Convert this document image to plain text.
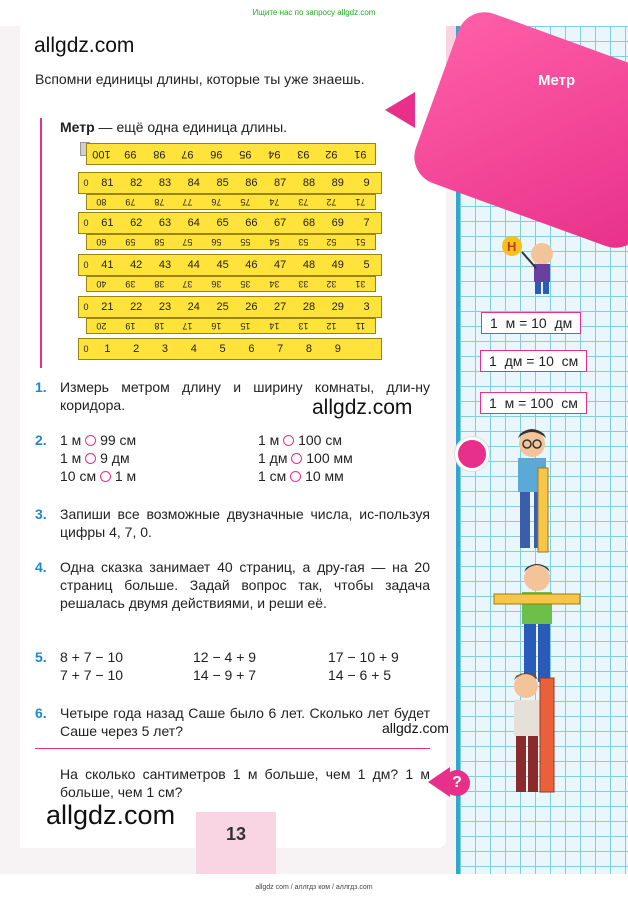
Ищите нас по запросу allgdz.com
Метр
allgdz.com
allgdz.com
allgdz.com
allgdz.com
Вспомни единицы длины, которые ты уже знаешь.
Метр — ещё одна единица длины.
100	99	98	97	96	95	94	93	92	91
0	81	82	83	84	85	86	87	88	89	9
80	79	78	77	76	75	74	73	72	71
0	61	62	63	64	65	66	67	68	69	7
60	59	58	57	56	55	54	53	52	51
0	41	42	43	44	45	46	47	48	49	5
40	39	38	37	36	35	34	33	32	31
0	21	22	23	24	25	26	27	28	29	3
20	19	18	17	16	15	14	13	12	11
0	1	2	3	4	5	6	7	8	9
1. Измерь метром длину и ширину комнаты, дли-ну коридора.
2. 1 м 99 см	1 м 100 см
1 м 9 дм	1 дм 100 мм
10 см 1 м	1 см 10 мм
3. Запиши все возможные двузначные числа, ис-пользуя цифры 4, 7, 0.
4. Одна сказка занимает 40 страниц, а дру-гая — на 20 страниц больше. Задай вопрос так, чтобы задача решалась двумя действиями, и реши её.
5. 8 + 7 − 10	12 − 4 + 9	17 − 10 + 9
7 + 7 − 10	14 − 9 + 7	14 − 6 + 5
6. Четыре года назад Саше было 6 лет. Сколько лет будет Саше через 5 лет?
На сколько сантиметров 1 м больше, чем 1 дм? 1 м больше, чем 1 см?
?
13
1  м = 10  дм
1  дм = 10  см
1  м = 100  см
Н
allgdz com / аллгдз ком / аллгдз.com
